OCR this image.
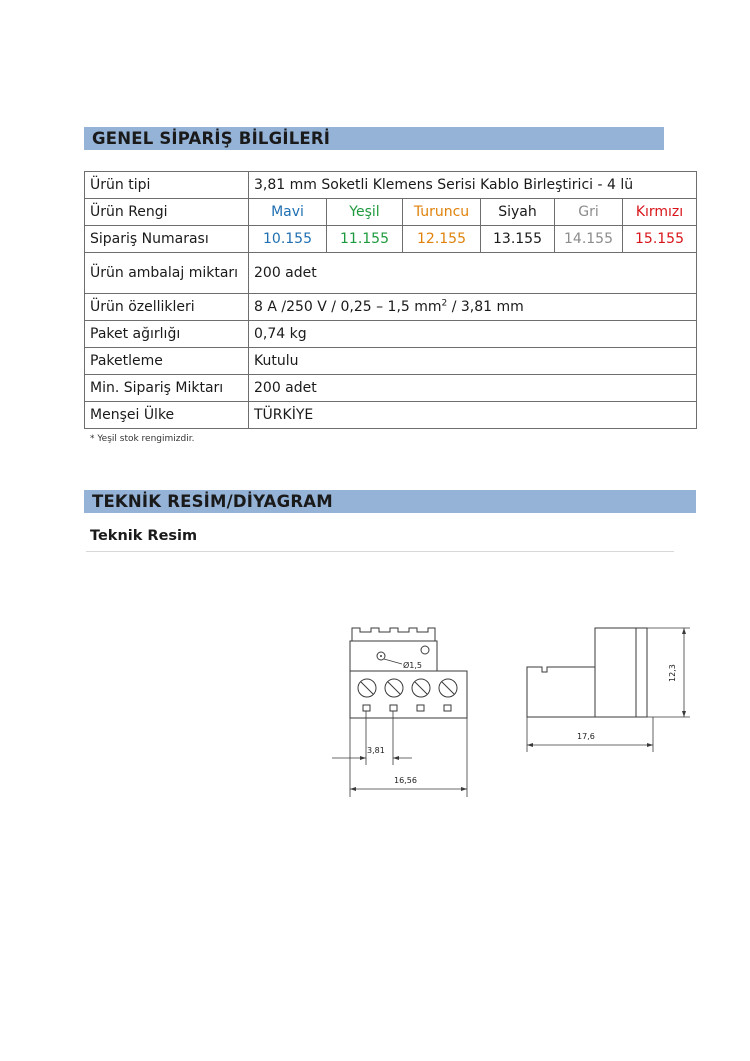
GENEL SİPARİŞ BİLGİLERİ
Ürün tipi	3,81 mm Soketli Klemens Serisi Kablo Birleştirici - 4 lü					
Ürün Rengi	Mavi	Yeşil	Turuncu	Siyah	Gri	Kırmızı
Sipariş Numarası	10.155	11.155	12.155	13.155	14.155	15.155
Ürün ambalaj miktarı	200 adet					
Ürün özellikleri	8 A /250 V / 0,25 – 1,5 $mm^2 / 3,81$ mm					
Paket ağırlığı	0,74 kg					
Paketleme	Kutulu					
Min. Sipariş Miktarı	200 adet					
Menşei Ülke	TÜRKİYE					
* Yeşil stok rengimizdir.
TEKNİK RESİM/DİYAGRAM
Teknik Resim
Ø1,5
3,81
16,56
12,3
17,6
